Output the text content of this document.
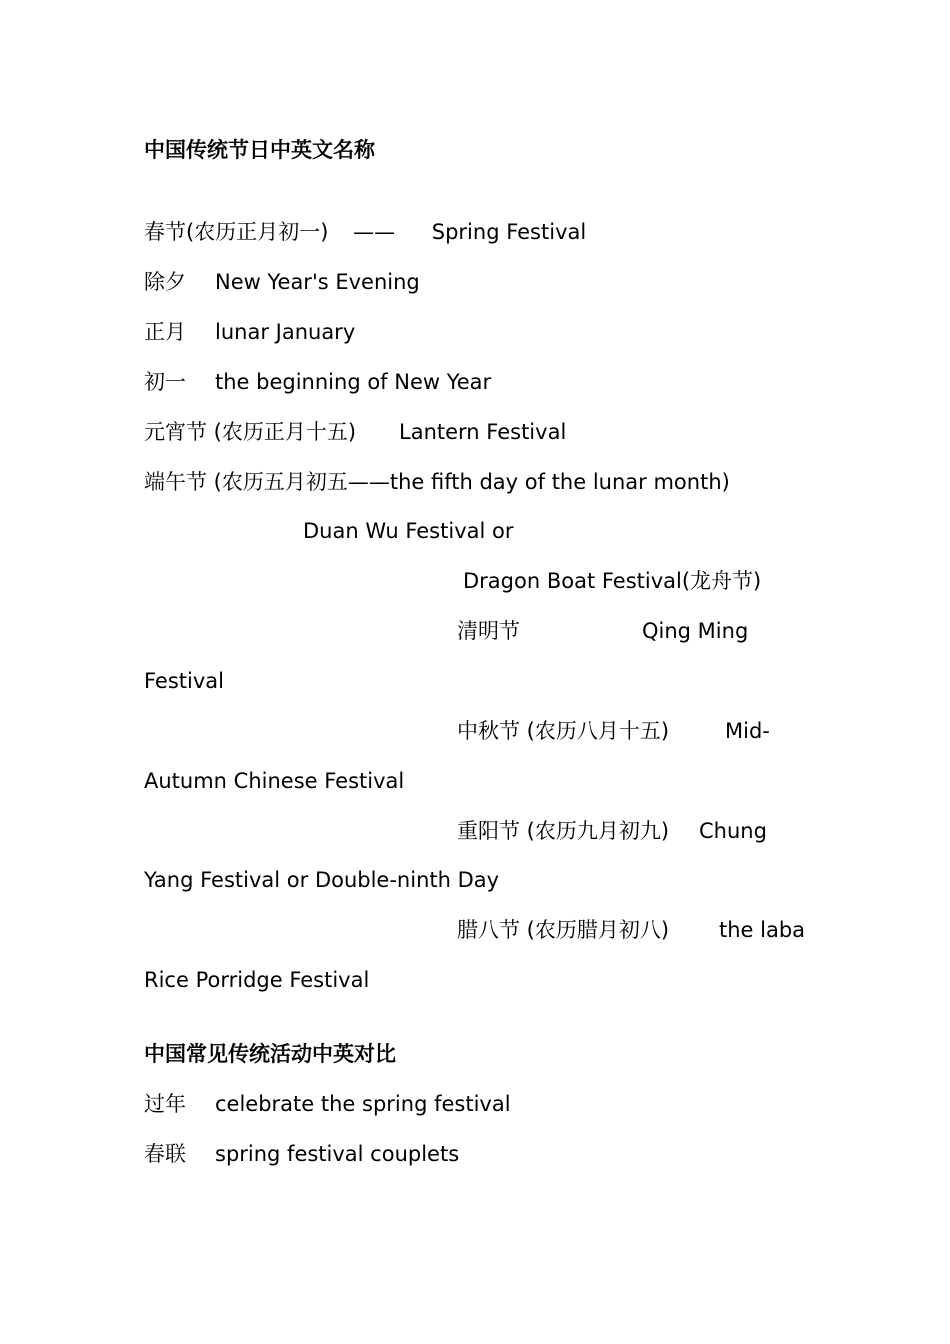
中国传统节日中英文名称
春节(农历正月初一) —— Spring Festival
除夕 New Year's Evening
正月 lunar January
初一 the beginning of New Year
元宵节 (农历正月十五) Lantern Festival
端午节 (农历五月初五——the fifth day of the lunar month)
Duan Wu Festival or
Dragon Boat Festival(龙舟节)
清明节	Qing Ming
Festival
中秋节 (农历八月十五)	Mid-
Autumn Chinese Festival
重阳节 (农历九月初九) Chung
Yang Festival or Double-ninth Day
腊八节 (农历腊月初八) the laba
Rice Porridge Festival
中国常见传统活动中英对比
过年 celebrate the spring festival
春联 spring festival couplets
